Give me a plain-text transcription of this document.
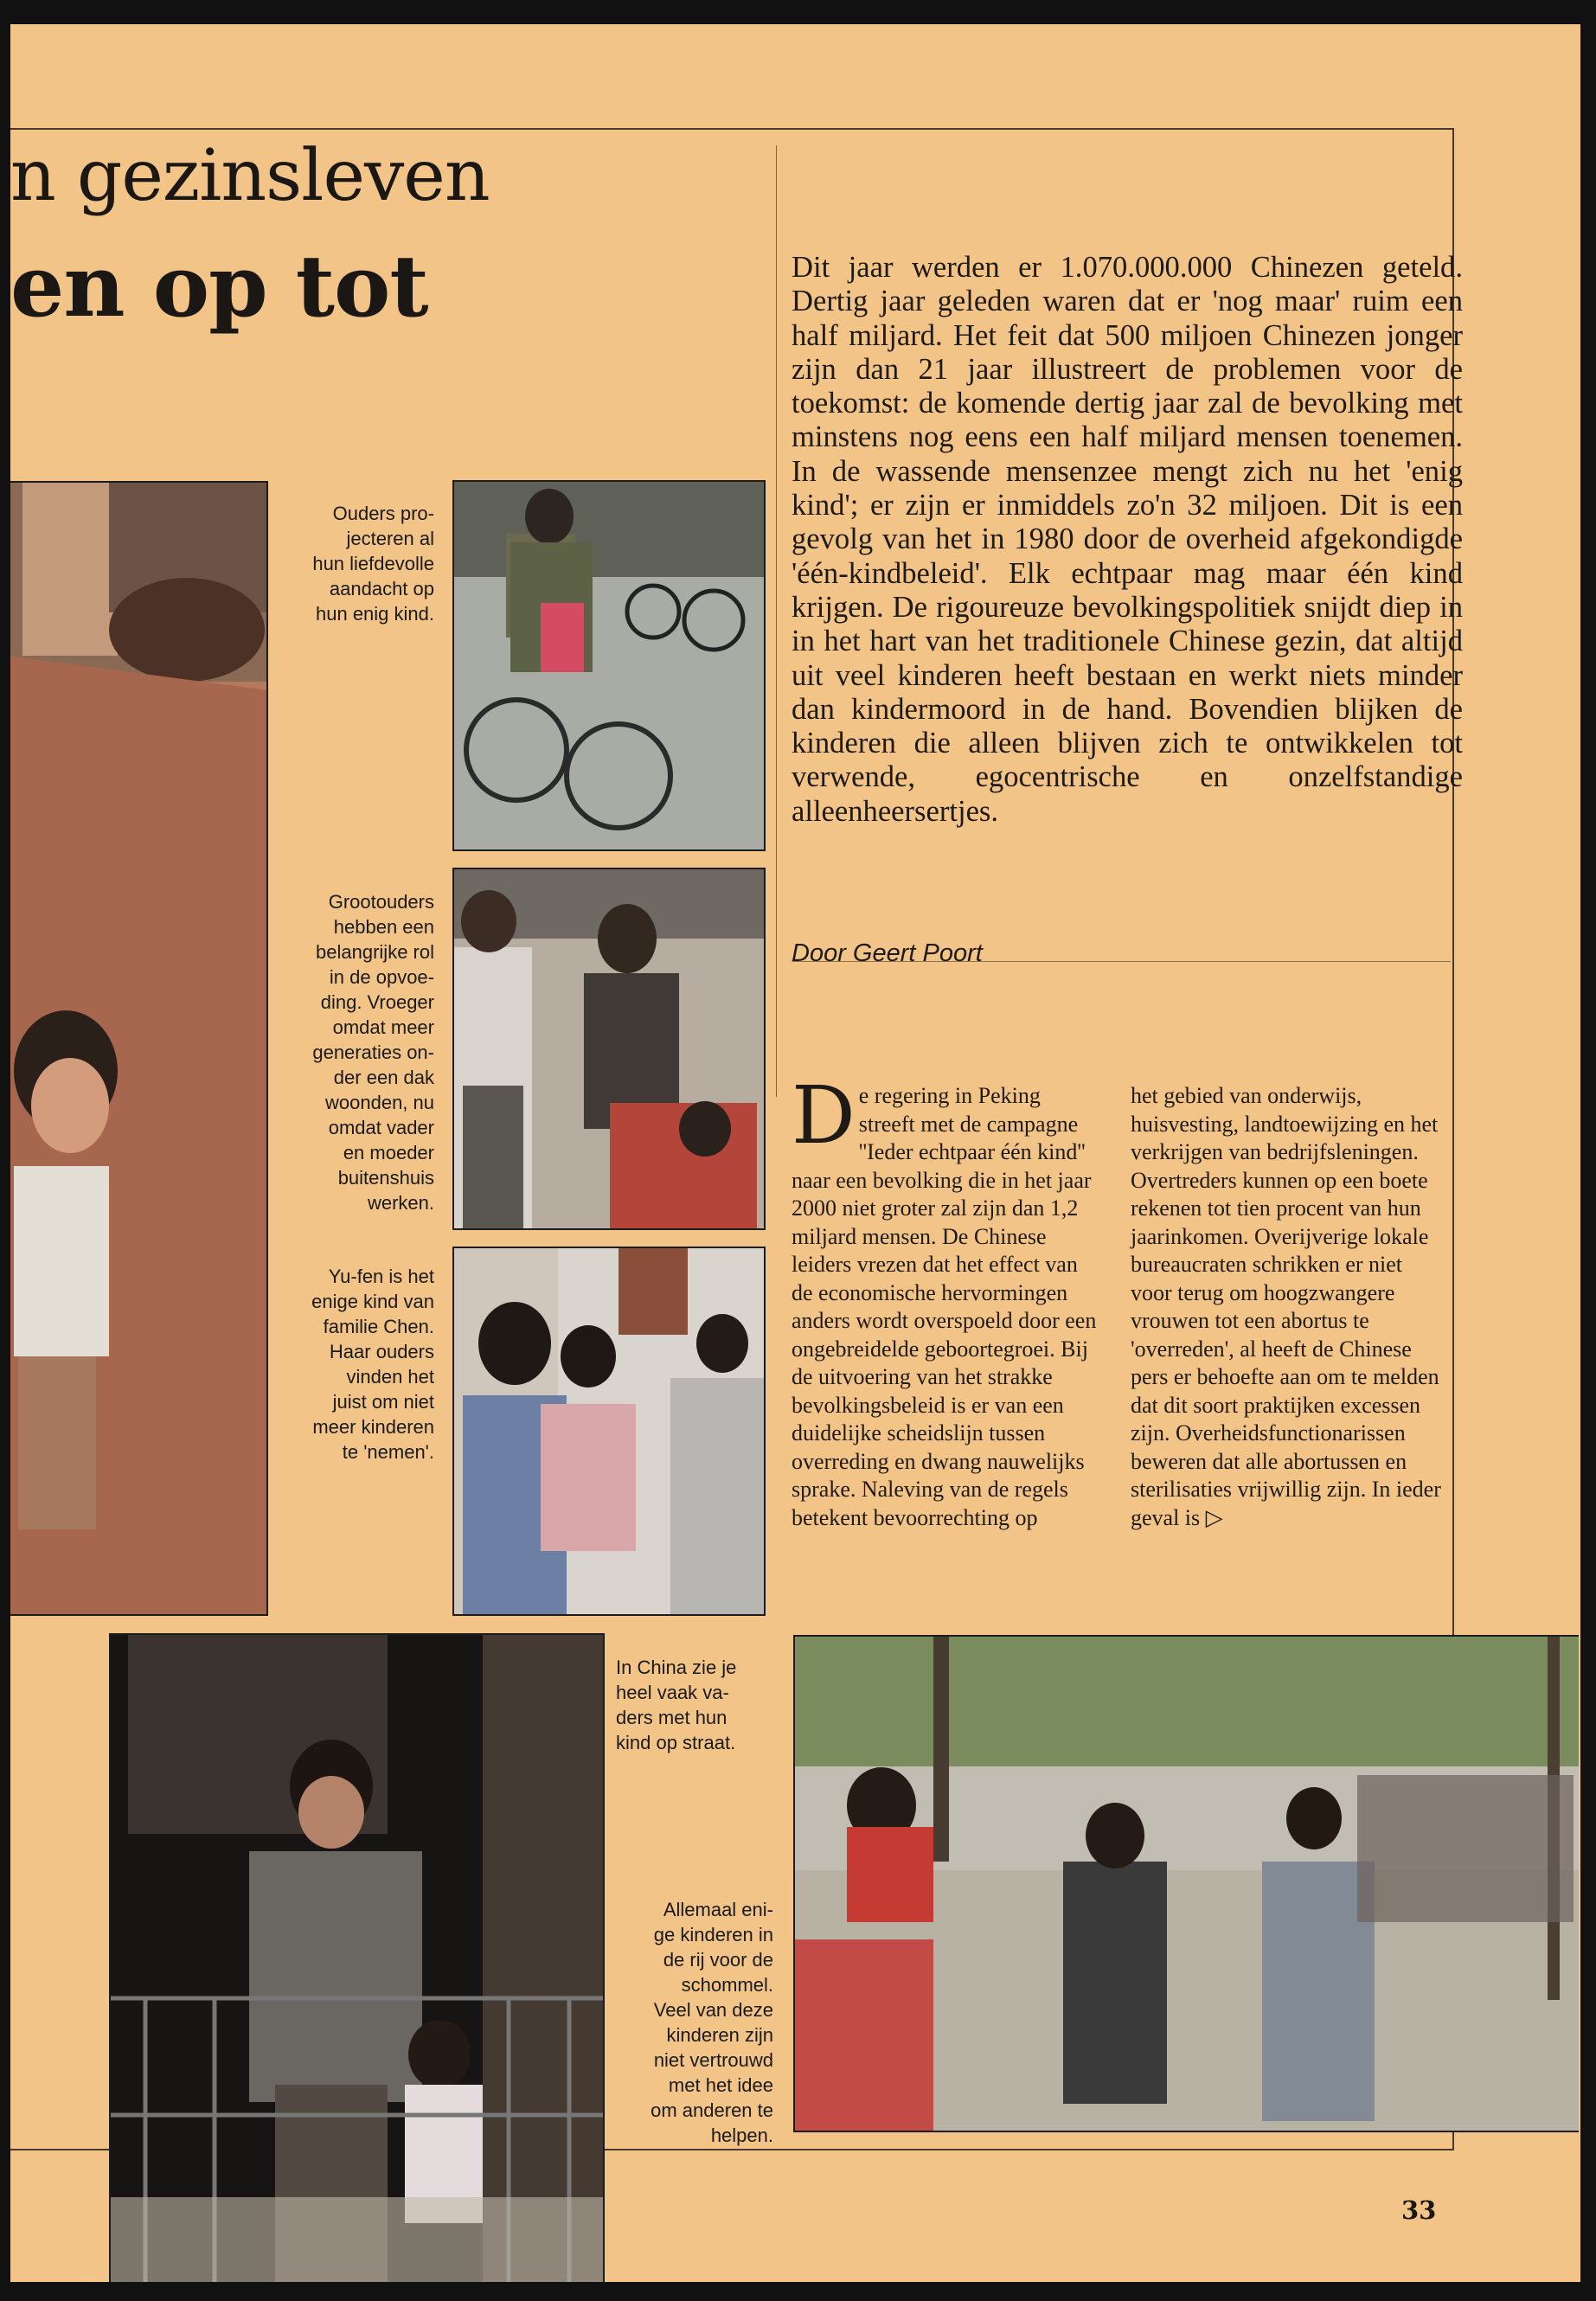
n gezinsleven
en op tot

Ouders pro-
jecteren al
hun liefdevolle
aandacht op
hun enig kind.

Grootouders
hebben een
belangrijke rol
in de opvoe-
ding. Vroeger
omdat meer
generaties on-
der een dak
woonden, nu
omdat vader
en moeder
buitenshuis
werken.

Yu-fen is het
enige kind van
familie Chen.
Haar ouders
vinden het
juist om niet
meer kinderen
te 'nemen'.

In China zie je
heel vaak va-
ders met hun
kind op straat.

Allemaal eni-
ge kinderen in
de rij voor de
schommel.
Veel van deze
kinderen zijn
niet vertrouwd
met het idee
om anderen te
helpen.

Dit jaar werden er 1.070.000.000 Chinezen geteld. Dertig jaar geleden waren dat er 'nog maar' ruim een half miljard. Het feit dat 500 miljoen Chinezen jonger zijn dan 21 jaar illustreert de problemen voor de toekomst: de komende dertig jaar zal de bevolking met minstens nog eens een half miljard mensen toenemen. In de wassende mensenzee mengt zich nu het 'enig kind'; er zijn er inmiddels zo'n 32 miljoen. Dit is een gevolg van het in 1980 door de overheid afgekondigde 'één-kindbeleid'. Elk echtpaar mag maar één kind krijgen. De rigoureuze bevolkingspolitiek snijdt diep in in het hart van het traditionele Chinese gezin, dat altijd uit veel kinderen heeft bestaan en werkt niets minder dan kindermoord in de hand. Bovendien blijken de kinderen die alleen blijven zich te ontwikkelen tot verwende, egocentrische en onzelfstandige alleenheersertjes.

Door Geert Poort

De regering in Peking streeft met de campagne ''Ieder echtpaar één kind'' naar een bevolking die in het jaar 2000 niet groter zal zijn dan 1,2 miljard mensen. De Chinese leiders vrezen dat het effect van de economische hervormingen anders wordt overspoeld door een ongebreidelde geboortegroei. Bij de uitvoering van het strakke bevolkingsbeleid is er van een duidelijke scheidslijn tussen overreding en dwang nauwelijks sprake. Naleving van de regels betekent bevoorrechting op

het gebied van onderwijs, huisvesting, landtoewijzing en het verkrijgen van bedrijfsleningen. Overtreders kunnen op een boete rekenen tot tien procent van hun jaarinkomen. Overijverige lokale bureaucraten schrikken er niet voor terug om hoogzwangere vrouwen tot een abortus te 'overreden', al heeft de Chinese pers er behoefte aan om te melden dat dit soort praktijken excessen zijn. Overheidsfunctionarissen beweren dat alle abortussen en sterilisaties vrijwillig zijn. In ieder geval is ▷

33
